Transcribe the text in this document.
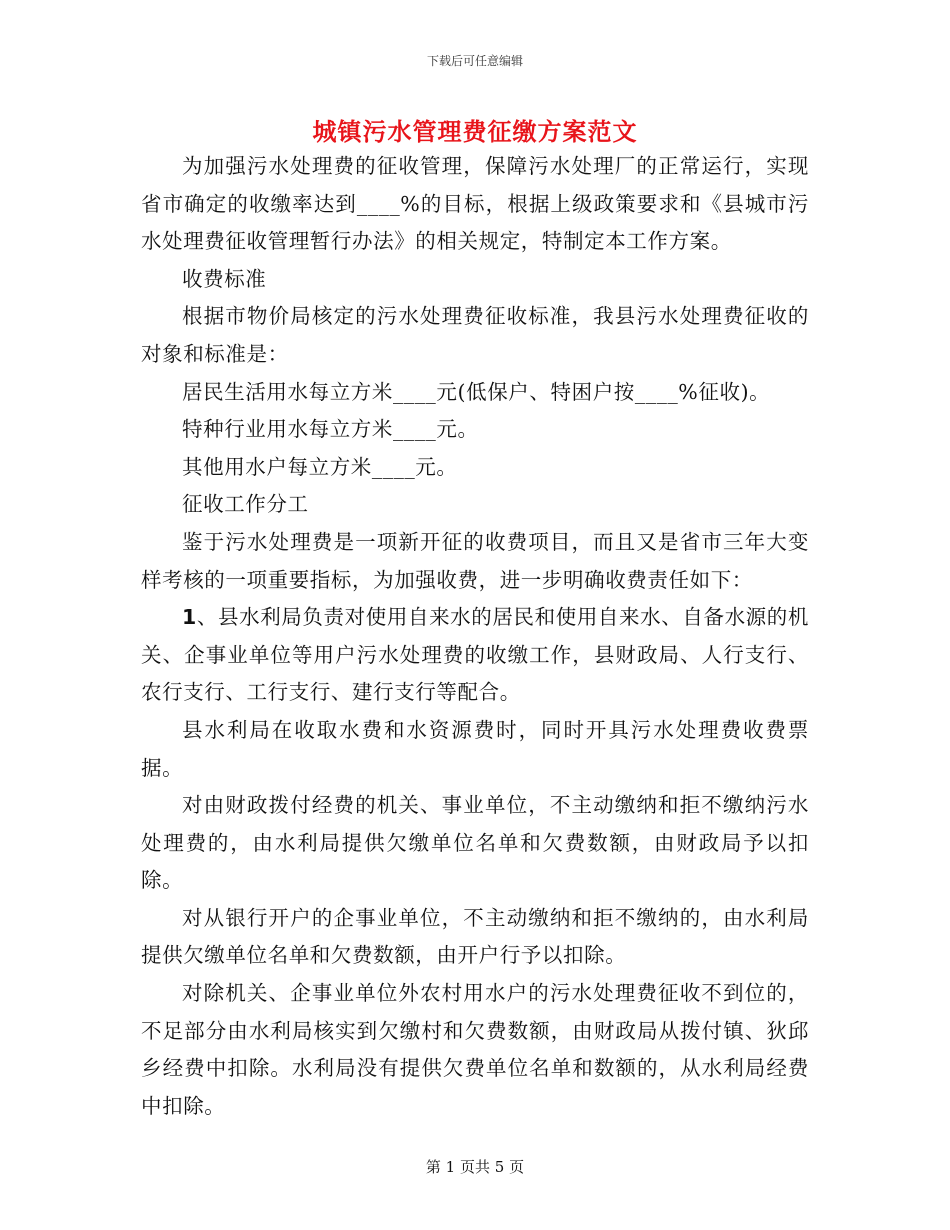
下载后可任意编辑
城镇污水管理费征缴方案范文

为加强污水处理费的征收管理，保障污水处理厂的正常运行，实现省市确定的收缴率达到____%的目标，根据上级政策要求和《县城市污水处理费征收管理暂行办法》的相关规定，特制定本工作方案。

收费标准

根据市物价局核定的污水处理费征收标准，我县污水处理费征收的对象和标准是：

居民生活用水每立方米____元(低保户、特困户按____%征收)。

特种行业用水每立方米____元。

其他用水户每立方米____元。

征收工作分工

鉴于污水处理费是一项新开征的收费项目，而且又是省市三年大变样考核的一项重要指标，为加强收费，进一步明确收费责任如下：

1、县水利局负责对使用自来水的居民和使用自来水、自备水源的机关、企事业单位等用户污水处理费的收缴工作，县财政局、人行支行、农行支行、工行支行、建行支行等配合。

县水利局在收取水费和水资源费时，同时开具污水处理费收费票据。

对由财政拨付经费的机关、事业单位，不主动缴纳和拒不缴纳污水处理费的，由水利局提供欠缴单位名单和欠费数额，由财政局予以扣除。

对从银行开户的企事业单位，不主动缴纳和拒不缴纳的，由水利局提供欠缴单位名单和欠费数额，由开户行予以扣除。

对除机关、企事业单位外农村用水户的污水处理费征收不到位的，不足部分由水利局核实到欠缴村和欠费数额，由财政局从拨付镇、狄邱乡经费中扣除。水利局没有提供欠费单位名单和数额的，从水利局经费中扣除。

第 1 页共 5 页
